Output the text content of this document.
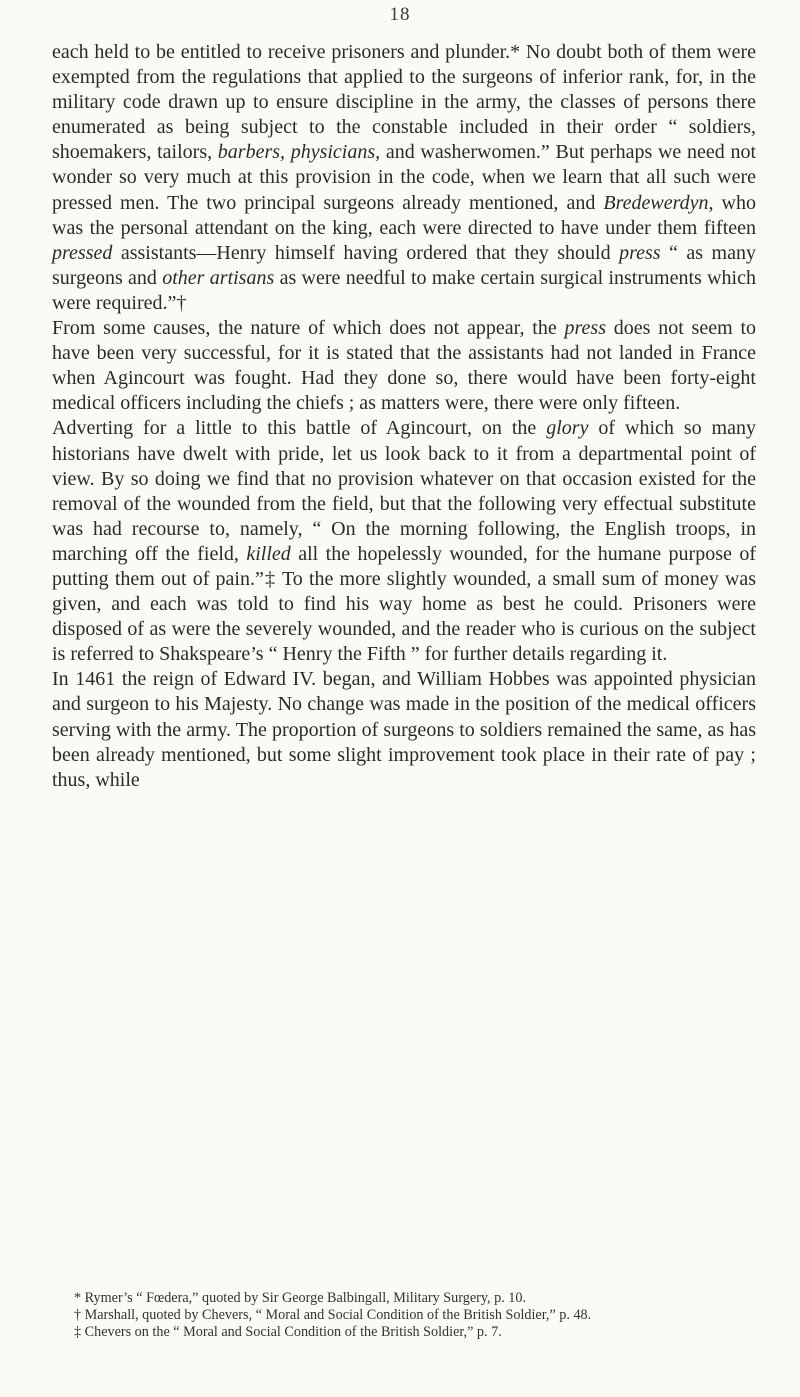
18

each held to be entitled to receive prisoners and plunder.* No doubt both of them were exempted from the regulations that applied to the surgeons of inferior rank, for, in the military code drawn up to ensure discipline in the army, the classes of persons there enumerated as being subject to the constable included in their order “ soldiers, shoemakers, tailors, barbers, physicians, and washerwomen.” But perhaps we need not wonder so very much at this provision in the code, when we learn that all such were pressed men. The two principal surgeons already mentioned, and Bredewerdyn, who was the personal attendant on the king, each were directed to have under them fifteen pressed assistants—Henry himself having ordered that they should press “ as many surgeons and other artisans as were needful to make certain surgical instruments which were required.”†

From some causes, the nature of which does not appear, the press does not seem to have been very successful, for it is stated that the assistants had not landed in France when Agincourt was fought. Had they done so, there would have been forty-eight medical officers including the chiefs ; as matters were, there were only fifteen.

Adverting for a little to this battle of Agincourt, on the glory of which so many historians have dwelt with pride, let us look back to it from a departmental point of view. By so doing we find that no provision whatever on that occasion existed for the removal of the wounded from the field, but that the following very effectual substitute was had recourse to, namely, “ On the morning following, the English troops, in marching off the field, killed all the hopelessly wounded, for the humane purpose of putting them out of pain.”‡ To the more slightly wounded, a small sum of money was given, and each was told to find his way home as best he could. Prisoners were disposed of as were the severely wounded, and the reader who is curious on the subject is referred to Shakspeare’s “ Henry the Fifth ” for further details regarding it.

In 1461 the reign of Edward IV. began, and William Hobbes was appointed physician and surgeon to his Majesty. No change was made in the position of the medical officers serving with the army. The proportion of surgeons to soldiers remained the same, as has been already mentioned, but some slight improvement took place in their rate of pay ; thus, while

* Rymer’s “ Fœdera,” quoted by Sir George Balbingall, Military Surgery, p. 10.

† Marshall, quoted by Chevers, “ Moral and Social Condition of the British Soldier,” p. 48.

‡ Chevers on the “ Moral and Social Condition of the British Soldier,” p. 7.
